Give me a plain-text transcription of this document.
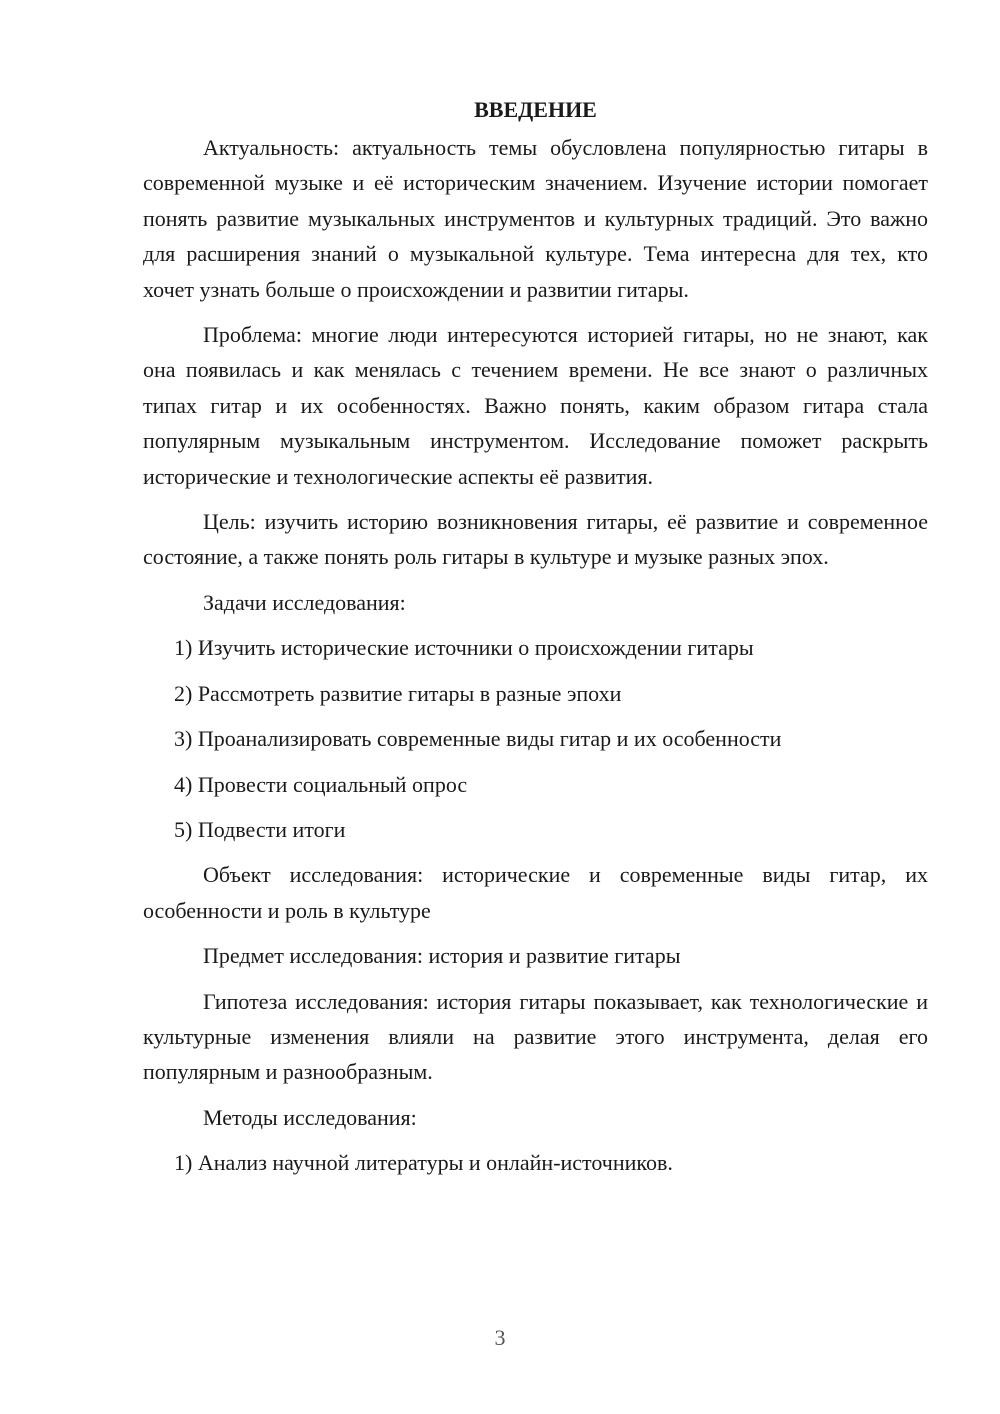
ВВЕДЕНИЕ

Актуальность: актуальность темы обусловлена популярностью гитары в современной музыке и её историческим значением. Изучение истории помогает понять развитие музыкальных инструментов и культурных традиций. Это важно для расширения знаний о музыкальной культуре. Тема интересна для тех, кто хочет узнать больше о происхождении и развитии гитары.

Проблема: многие люди интересуются историей гитары, но не знают, как она появилась и как менялась с течением времени. Не все знают о различных типах гитар и их особенностях. Важно понять, каким образом гитара стала популярным музыкальным инструментом. Исследование поможет раскрыть исторические и технологические аспекты её развития.

Цель: изучить историю возникновения гитары, её развитие и современное состояние, а также понять роль гитары в культуре и музыке разных эпох.

Задачи исследования:

1) Изучить исторические источники о происхождении гитары

2) Рассмотреть развитие гитары в разные эпохи

3) Проанализировать современные виды гитар и их особенности

4) Провести социальный опрос

5) Подвести итоги

Объект исследования: исторические и современные виды гитар, их особенности и роль в культуре

Предмет исследования: история и развитие гитары

Гипотеза исследования: история гитары показывает, как технологические и культурные изменения влияли на развитие этого инструмента, делая его популярным и разнообразным.

Методы исследования:

1) Анализ научной литературы и онлайн-источников.

3
